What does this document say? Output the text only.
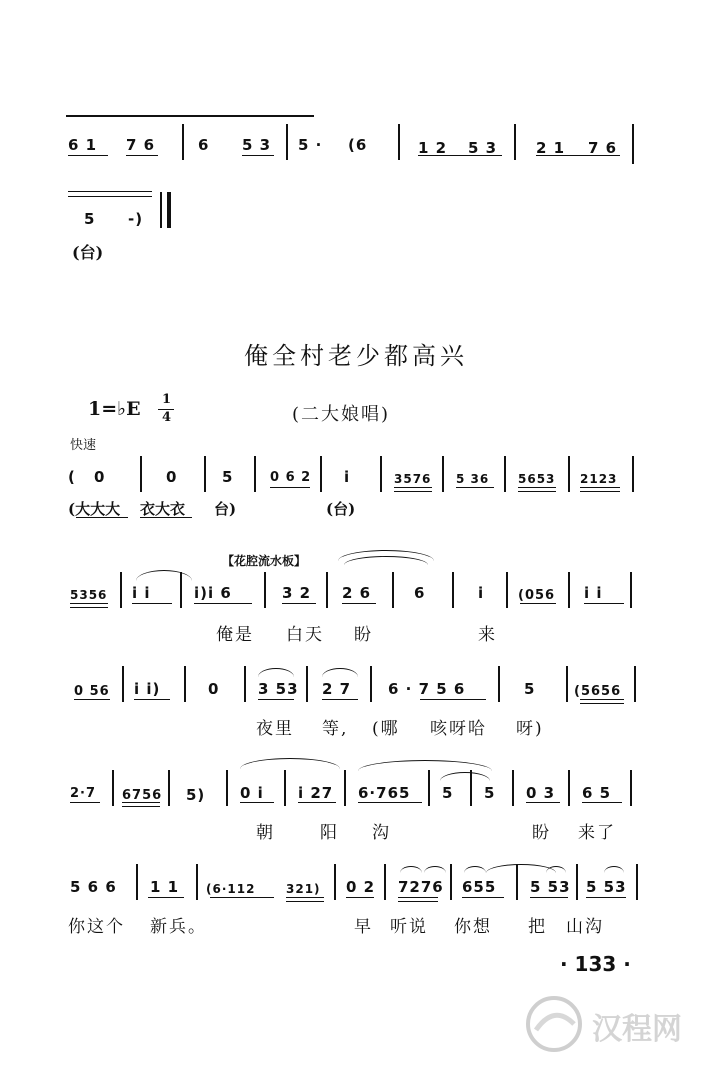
6 1 7 6	6 5 3 5 · (6	1 2 5 3	2 1 7 6
5 -)
(台)
俺全村老少都高兴
1=♭E 1
4	(二大娘唱)
快速
( 0	0	5	0 6 2 i	3576 5 36 5653 2123
(大大大 衣大衣 台)	(台)
【花腔流水板】
5356 i i	i)i 6	3 2 2 6	6	i	(056 i i
俺是 白天 盼	来
0 56 i i)	0	3 53 2 7 6 · 7 5 6	5	(5656
夜里 等, (哪 咳呀哈 呀)
2·7 6756 5) 0 i i 27 6·765 5 5 0 3 6 5
朝	阳 沟	盼 来了
5 6 6 1 1 (6·112	321) 0 2 7276 655 5 53 5 53
你这个 新兵。	早 听说 你想 把 山沟
· 133 ·
汉程网
